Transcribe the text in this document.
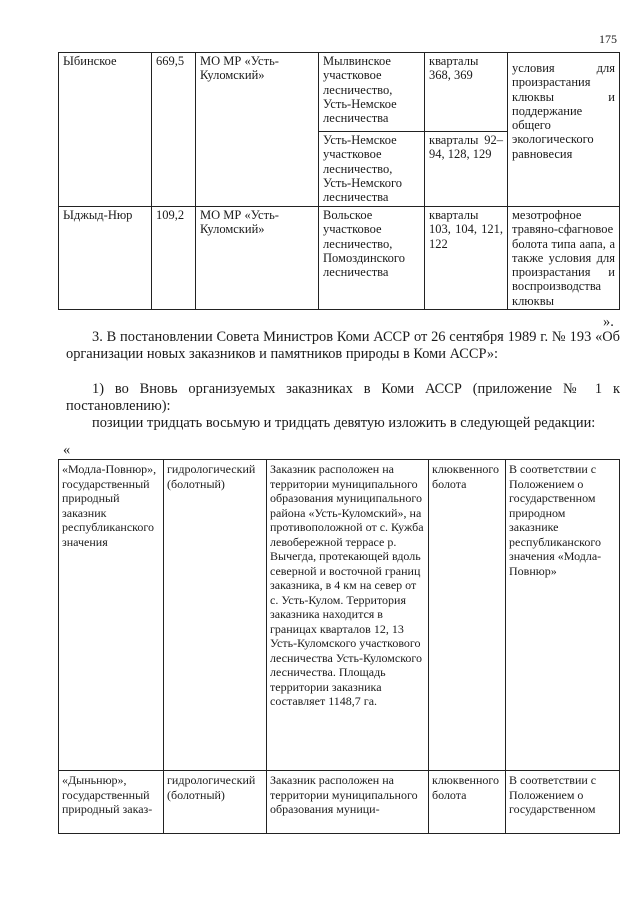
175
Ыбинское	669,5	МО МР «Усть-Куломский»	Мылвинское участковое лесничество, Усть-Немское лесничества	кварталы 368, 369	условия для произрастания клюквы и поддержание общего экологического равновесия
			Усть-Немское участковое лесничество, Усть-Немского лесничества	кварталы 92–94, 128, 129	
Ыджыд-Нюр	109,2	МО МР «Усть-Куломский»	Вольское участковое лесничество, Помоздинского лесничества	кварталы 103, 104, 121, 122	мезотрофное травяно-сфагновое болота типа аапа, а также условия для произрастания и воспроизводства клюквы
».
3. В постановлении Совета Министров Коми АССР от 26 сентября 1989 г. № 193 «Об организации новых заказников и памятников природы в Коми АССР»:
1) во Вновь организуемых заказниках в Коми АССР (приложение № 1 к постановлению):
позиции тридцать восьмую и тридцать девятую изложить в следующей редакции:
«
«Модла-Повнюр», государственный природный заказник республиканского значения	гидрологический (болотный)	Заказник расположен на территории муниципального образования муниципального района «Усть-Куломский», на противоположной от с. Кужба левобережной террасе р. Вычегда, протекающей вдоль северной и восточной границ заказника, в 4 км на север от с. Усть-Кулом. Территория заказника находится в границах кварталов 12, 13 Усть-Куломского участкового лесничества Усть-Куломского лесничества. Площадь территории заказника составляет 1148,7 га.	клюквенного болота	В соответствии с Положением о государственном природном заказнике республиканского значения «Модла-Повнюр»
«Дыньнюр», государственный природный заказ-	гидрологический (болотный)	Заказник расположен на территории муниципального образования муници-	клюквенного болота	В соответствии с Положением о государственном
